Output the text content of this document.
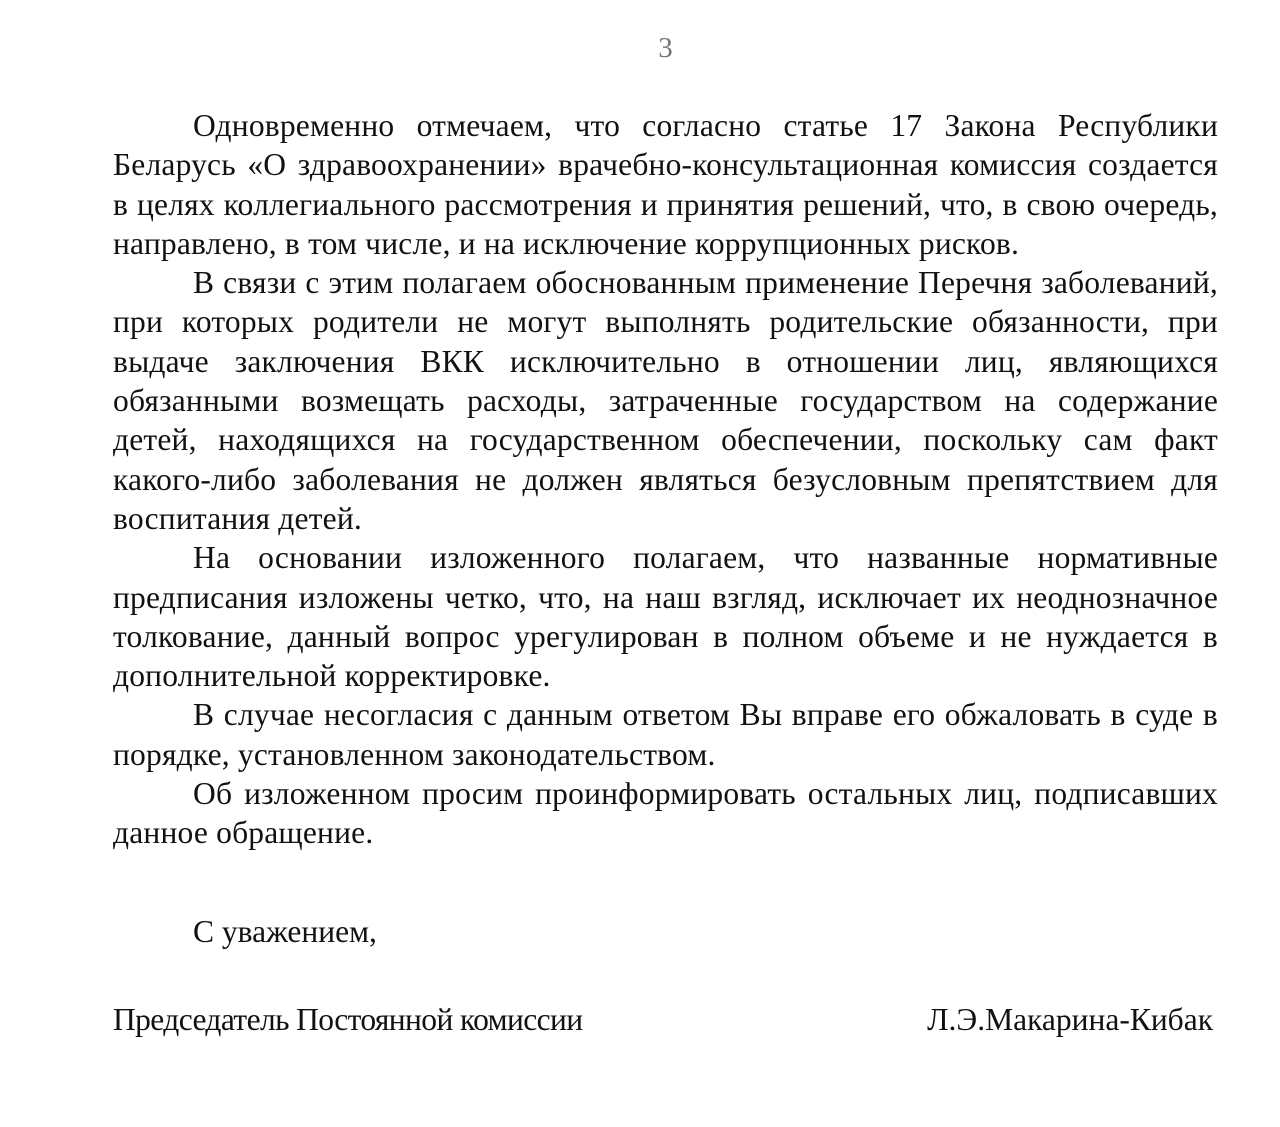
3

Одновременно отмечаем, что согласно статье 17 Закона Республики Беларусь «О здравоохранении» врачебно-консультационная комиссия создается в целях коллегиального рассмотрения и принятия решений, что, в свою очередь, направлено, в том числе, и на исключение коррупционных рисков.

В связи с этим полагаем обоснованным применение Перечня заболеваний, при которых родители не могут выполнять родительские обязанности, при выдаче заключения ВКК исключительно в отношении лиц, являющихся обязанными возмещать расходы, затраченные государством на содержание детей, находящихся на государственном обеспечении, поскольку сам факт какого-либо заболевания не должен являться безусловным препятствием для воспитания детей.

На основании изложенного полагаем, что названные нормативные предписания изложены четко, что, на наш взгляд, исключает их неоднозначное толкование, данный вопрос урегулирован в полном объеме и не нуждается в дополнительной корректировке.

В случае несогласия с данным ответом Вы вправе его обжаловать в суде в порядке, установленном законодательством.

Об изложенном просим проинформировать остальных лиц, подписавших данное обращение.

С уважением,
Председатель Постоянной комиссии	Л.Э.Макарина-Кибак
